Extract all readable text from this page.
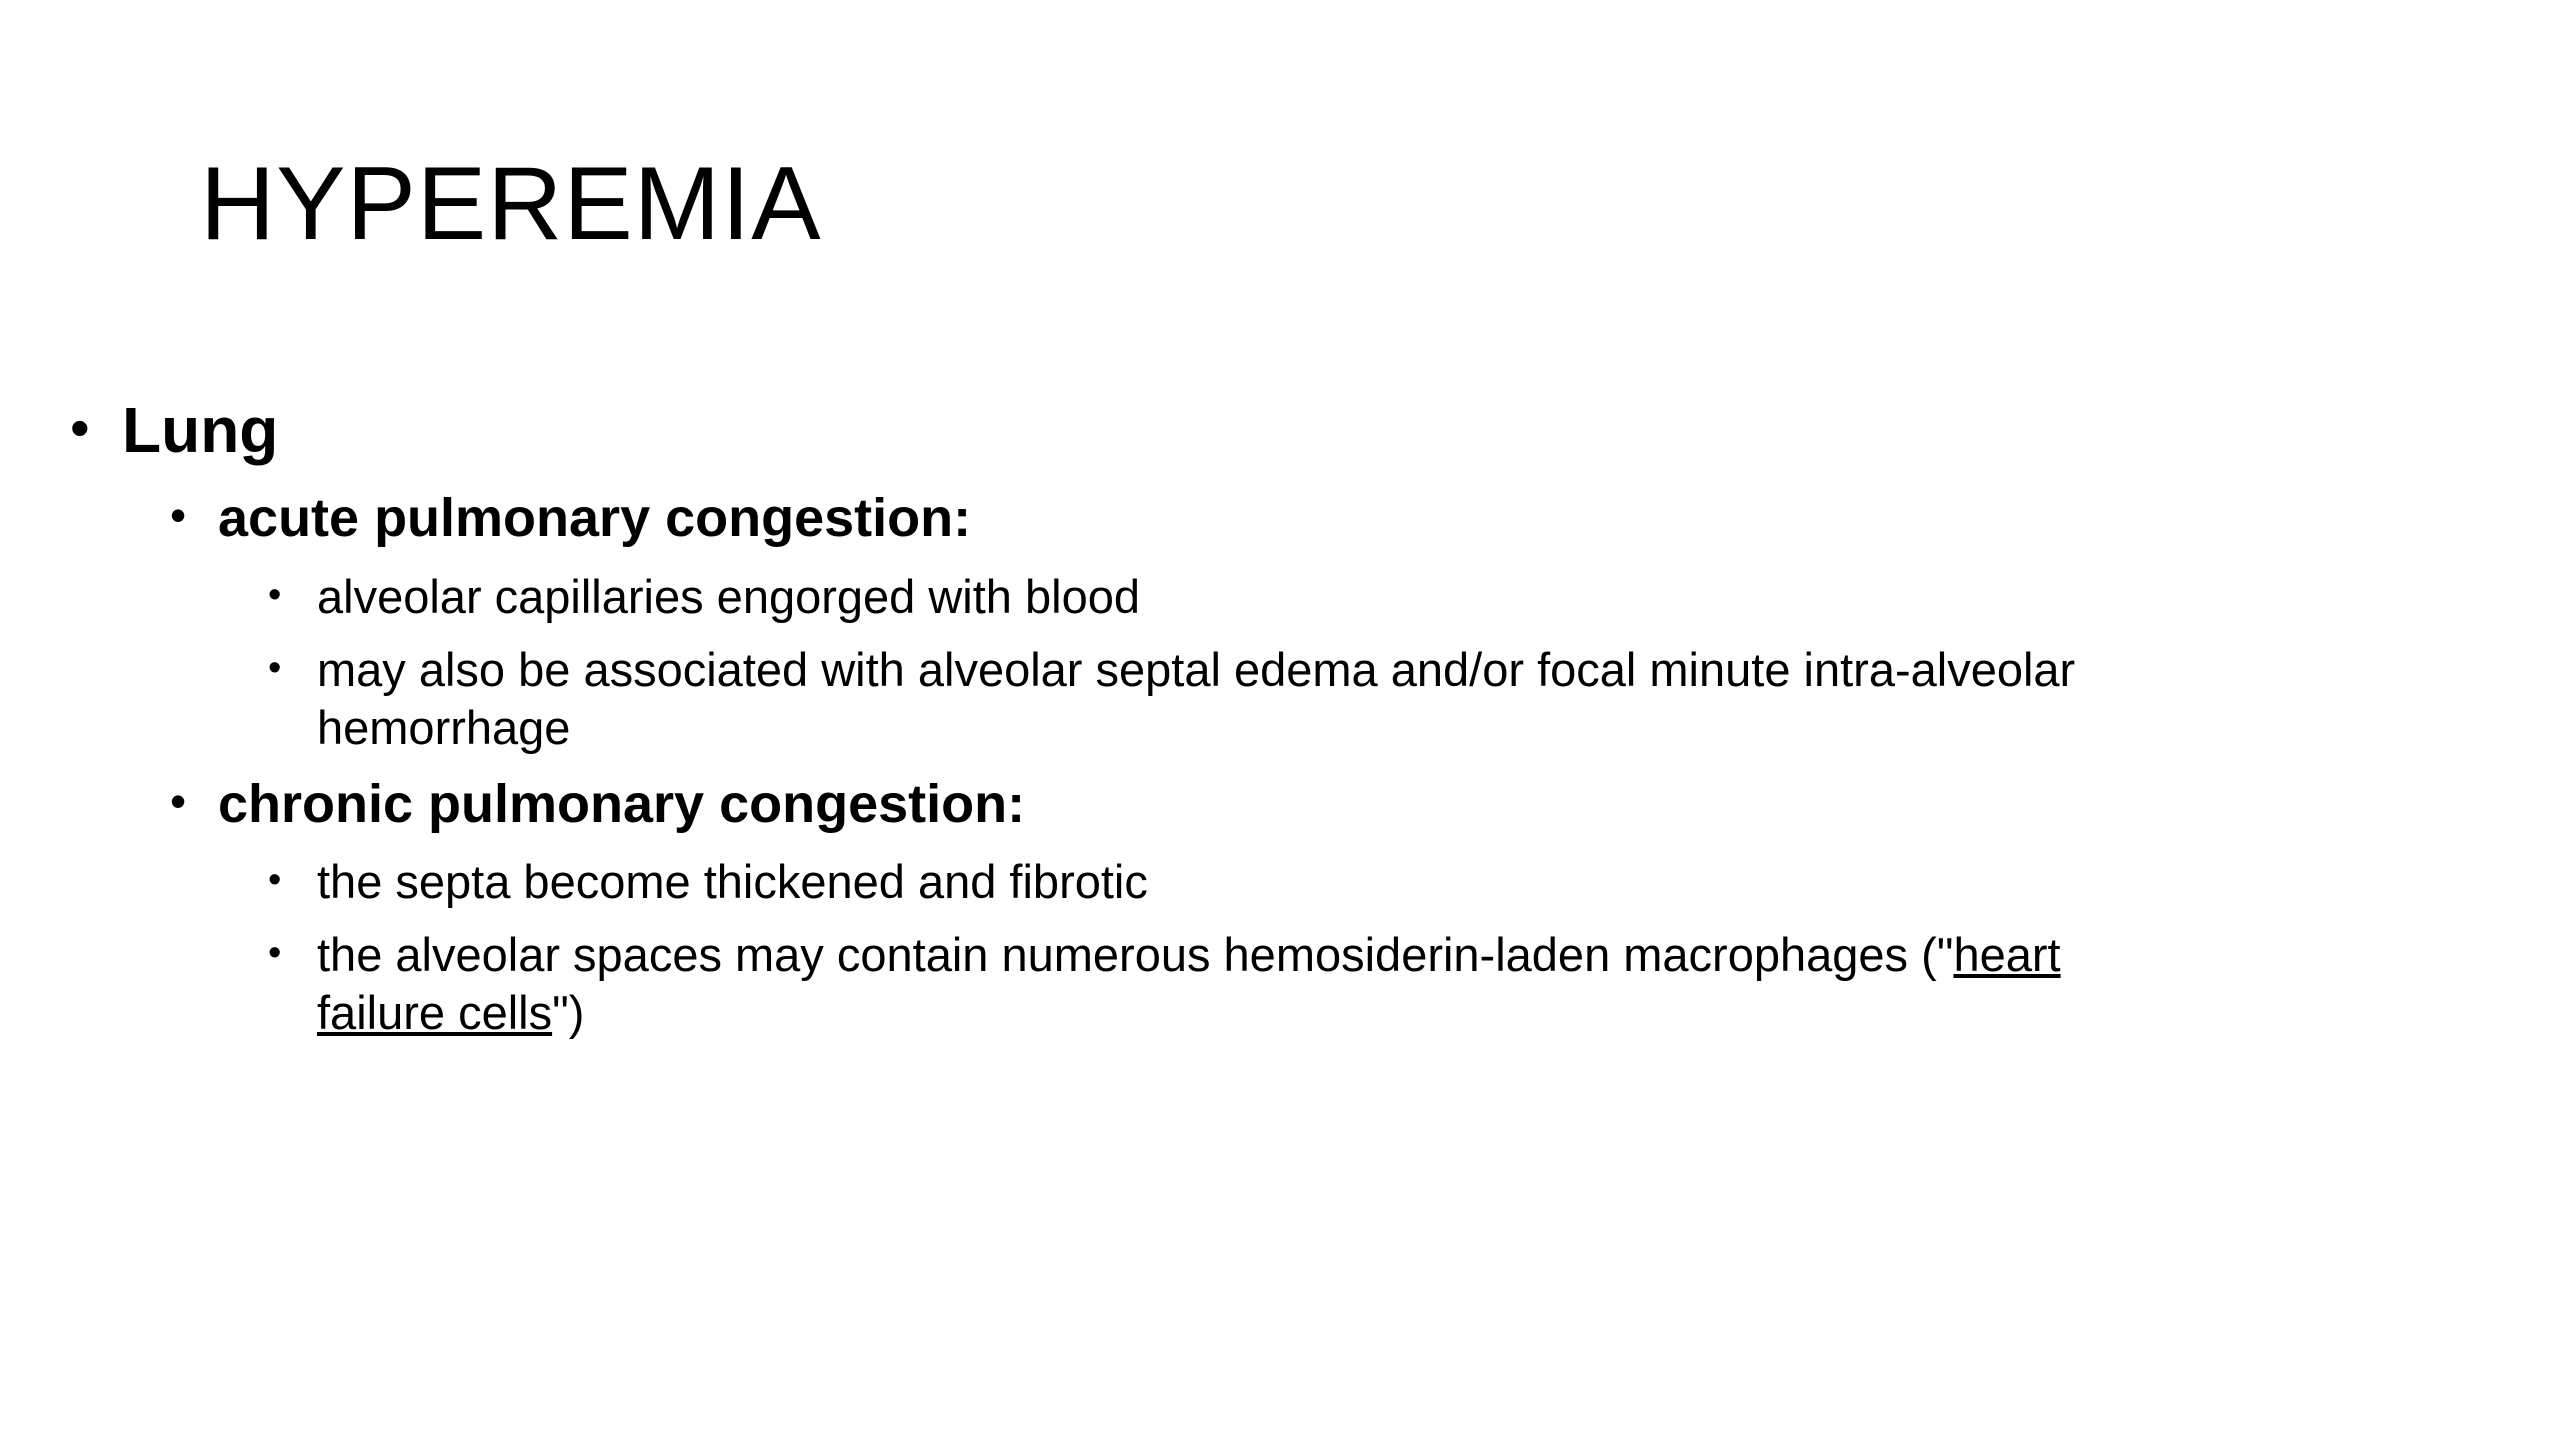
HYPEREMIA
• Lung
• acute pulmonary congestion:
• alveolar capillaries engorged with blood
• may also be associated with alveolar septal edema and/or focal minute intra-alveolar hemorrhage
• chronic pulmonary congestion:
• the septa become thickened and fibrotic
• the alveolar spaces may contain numerous hemosiderin-laden macrophages ("heart failure cells")
